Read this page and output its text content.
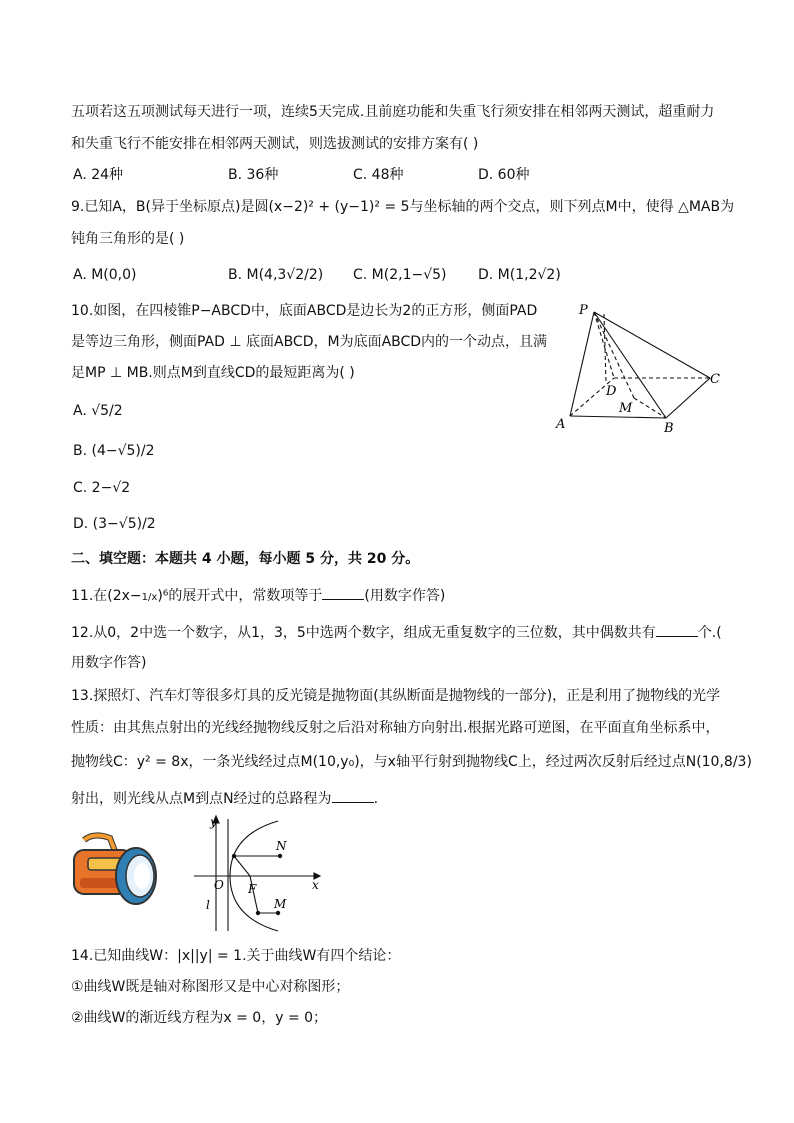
五项若这五项测试每天进行一项，连续5天完成.且前庭功能和失重飞行须安排在相邻两天测试，超重耐力
和失重飞行不能安排在相邻两天测试，则选拔测试的安排方案有( )
A. 24种	B. 36种	C. 48种	D. 60种
9.已知A，B(异于坐标原点)是圆(x−2)² + (y−1)² = 5与坐标轴的两个交点，则下列点M中，使得 △MAB为
钝角三角形的是( )
A. M(0,0)	B. M(4,3√2/2) C. M(2,1−√5) D. M(1,2√2)
10.如图，在四棱锥P−ABCD中，底面ABCD是边长为2的正方形，侧面PAD
是等边三角形，侧面PAD ⊥ 底面ABCD，M为底面ABCD内的一个动点，且满
足MP ⊥ MB.则点M到直线CD的最短距离为( )
A. √5/2
B. (4−√5)/2
C. 2−√2
D. (3−√5)/2
P
A	B
C
D
M
二、填空题：本题共 4 小题，每小题 5 分，共 20 分。
11.在(2x−1/x)⁶的展开式中，常数项等于	(用数字作答)
12.从0，2中选一个数字，从1，3，5中选两个数字，组成无重复数字的三位数，其中偶数共有	个.(
用数字作答)
13.探照灯、汽车灯等很多灯具的反光镜是抛物面(其纵断面是抛物线的一部分)，正是利用了抛物线的光学
性质：由其焦点射出的光线经抛物线反射之后沿对称轴方向射出.根据光路可逆图，在平面直角坐标系中，
抛物线C：y² = 8x，一条光线经过点M(10,y₀)，与x轴平行射到抛物线C上，经过两次反射后经过点N(10,8/3)
射出，则光线从点M到点N经过的总路程为	.
y
x
O F
N
M
l
14.已知曲线W：|x||y| = 1.关于曲线W有四个结论：
①曲线W既是轴对称图形又是中心对称图形；
②曲线W的渐近线方程为x = 0，y = 0；
